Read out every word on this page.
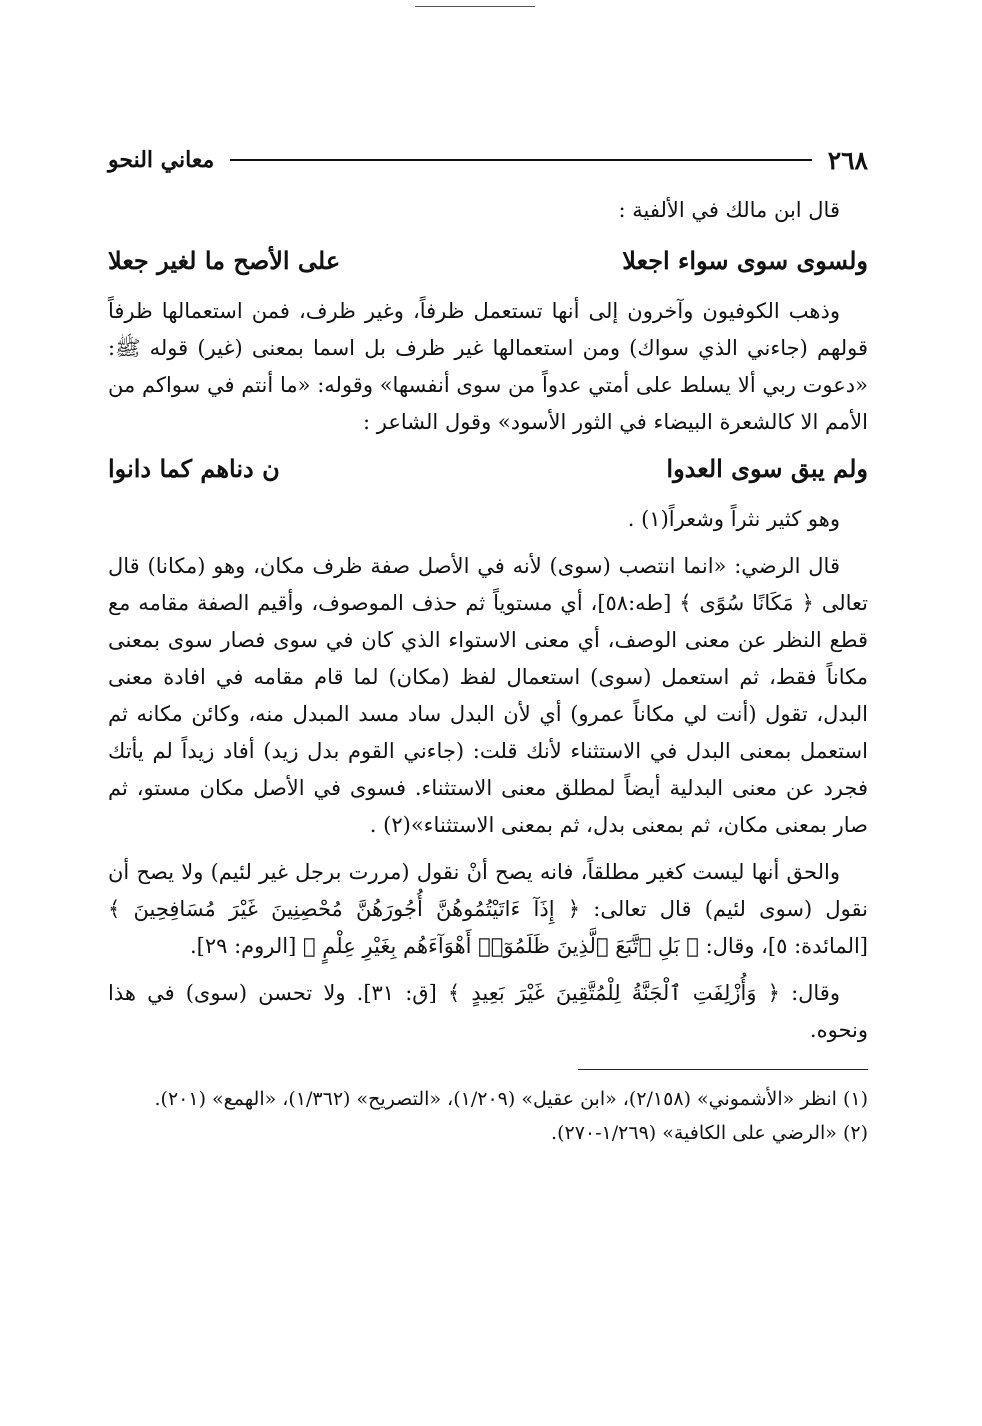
٢٦٨
معاني النحو

قال ابن مالك في الألفية :

ولسوى سوى سواء اجعلا
على الأصح ما لغير جعلا

وذهب الكوفيون وآخرون إلى أنها تستعمل ظرفاً، وغير ظرف، فمن استعمالها ظرفاً قولهم (جاءني الذي سواك) ومن استعمالها غير ظرف بل اسما بمعنى (غير) قوله ﷺ: «دعوت ربي ألا يسلط على أمتي عدواً من سوى أنفسها» وقوله: «ما أنتم في سواكم من الأمم الا كالشعرة البيضاء في الثور الأسود» وقول الشاعر :

ولم يبق سوى العدوا
ن دناهم كما دانوا

وهو كثير نثراً وشعراً(١) .

قال الرضي: «انما انتصب (سوى) لأنه في الأصل صفة ظرف مكان، وهو (مكانا) قال تعالى ﴿ مَكَانًا سُوًى ﴾ [طه:٥٨]، أي مستوياً ثم حذف الموصوف، وأقيم الصفة مقامه مع قطع النظر عن معنى الوصف، أي معنى الاستواء الذي كان في سوى فصار سوى بمعنى مكاناً فقط، ثم استعمل (سوى) استعمال لفظ (مكان) لما قام مقامه في افادة معنى البدل، تقول (أنت لي مكاناً عمرو) أي لأن البدل ساد مسد المبدل منه، وكائن مكانه ثم استعمل بمعنى البدل في الاستثناء لأنك قلت: (جاءني القوم بدل زيد) أفاد زيداً لم يأتك فجرد عن معنى البدلية أيضاً لمطلق معنى الاستثناء. فسوى في الأصل مكان مستو، ثم صار بمعنى مكان، ثم بمعنى بدل، ثم بمعنى الاستثناء»(٢) .

والحق أنها ليست كغير مطلقاً، فانه يصح أنْ نقول (مررت برجل غير لئيم) ولا يصح أن نقول (سوى لئيم) قال تعالى: ﴿ إِذَآ ءَاتَيْتُمُوهُنَّ أُجُورَهُنَّ مُحْصِنِينَ غَيْرَ مُسَافِحِينَ ﴾ [المائدة: ٥]، وقال: ﴿ بَلِ ٱتَّبَعَ ٱلَّذِينَ ظَلَمُوٓا۟ أَهْوَآءَهُم بِغَيْرِ عِلْمٍ ﴾ [الروم: ٢٩].

وقال: ﴿ وَأُزْلِفَتِ ٱلْجَنَّةُ لِلْمُتَّقِينَ غَيْرَ بَعِيدٍ ﴾ [ق: ٣١]. ولا تحسن (سوى) في هذا ونحوه.

(١) انظر «الأشموني» (٢/١٥٨)، «ابن عقيل» (١/٢٠٩)، «التصريح» (١/٣٦٢)، «الهمع» (٢٠١).

(٢) «الرضي على الكافية» (١/٢٦٩-٢٧٠).
